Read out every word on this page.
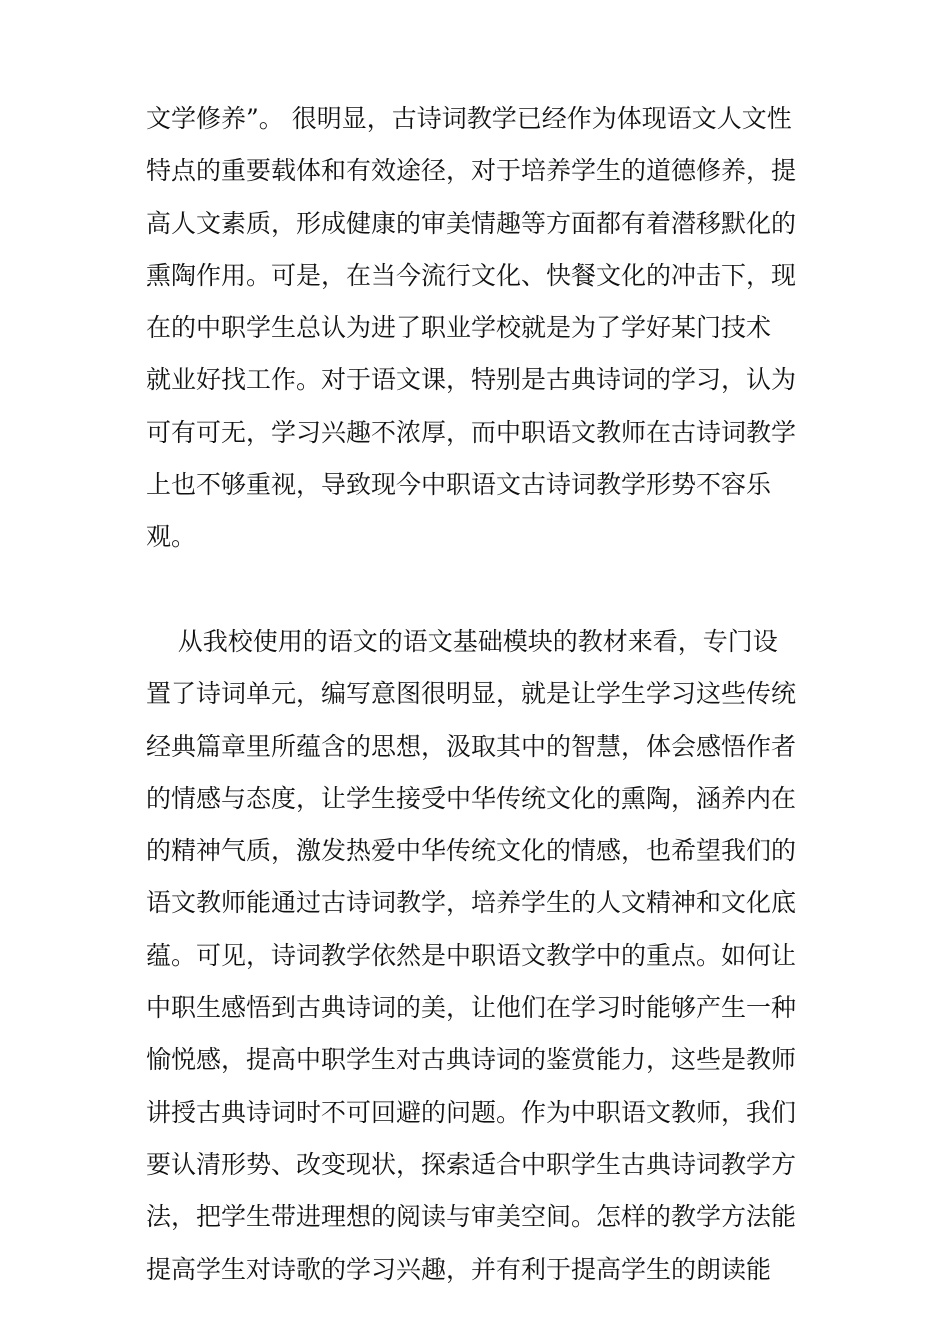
文学修养”。 很明显，古诗词教学已经作为体现语文人文性
特点的重要载体和有效途径，对于培养学生的道德修养，提
高人文素质，形成健康的审美情趣等方面都有着潜移默化的
熏陶作用。可是，在当今流行文化、快餐文化的冲击下，现
在的中职学生总认为进了职业学校就是为了学好某门技术
就业好找工作。对于语文课，特别是古典诗词的学习，认为
可有可无，学习兴趣不浓厚，而中职语文教师在古诗词教学
上也不够重视，导致现今中职语文古诗词教学形势不容乐
观。
从我校使用的语文的语文基础模块的教材来看，专门设
置了诗词单元，编写意图很明显，就是让学生学习这些传统
经典篇章里所蕴含的思想，汲取其中的智慧，体会感悟作者
的情感与态度，让学生接受中华传统文化的熏陶，涵养内在
的精神气质，激发热爱中华传统文化的情感，也希望我们的
语文教师能通过古诗词教学，培养学生的人文精神和文化底
蕴。可见，诗词教学依然是中职语文教学中的重点。如何让
中职生感悟到古典诗词的美，让他们在学习时能够产生一种
愉悦感，提高中职学生对古典诗词的鉴赏能力，这些是教师
讲授古典诗词时不可回避的问题。作为中职语文教师，我们
要认清形势、改变现状，探索适合中职学生古典诗词教学方
法，把学生带进理想的阅读与审美空间。怎样的教学方法能
提高学生对诗歌的学习兴趣，并有利于提高学生的朗读能
